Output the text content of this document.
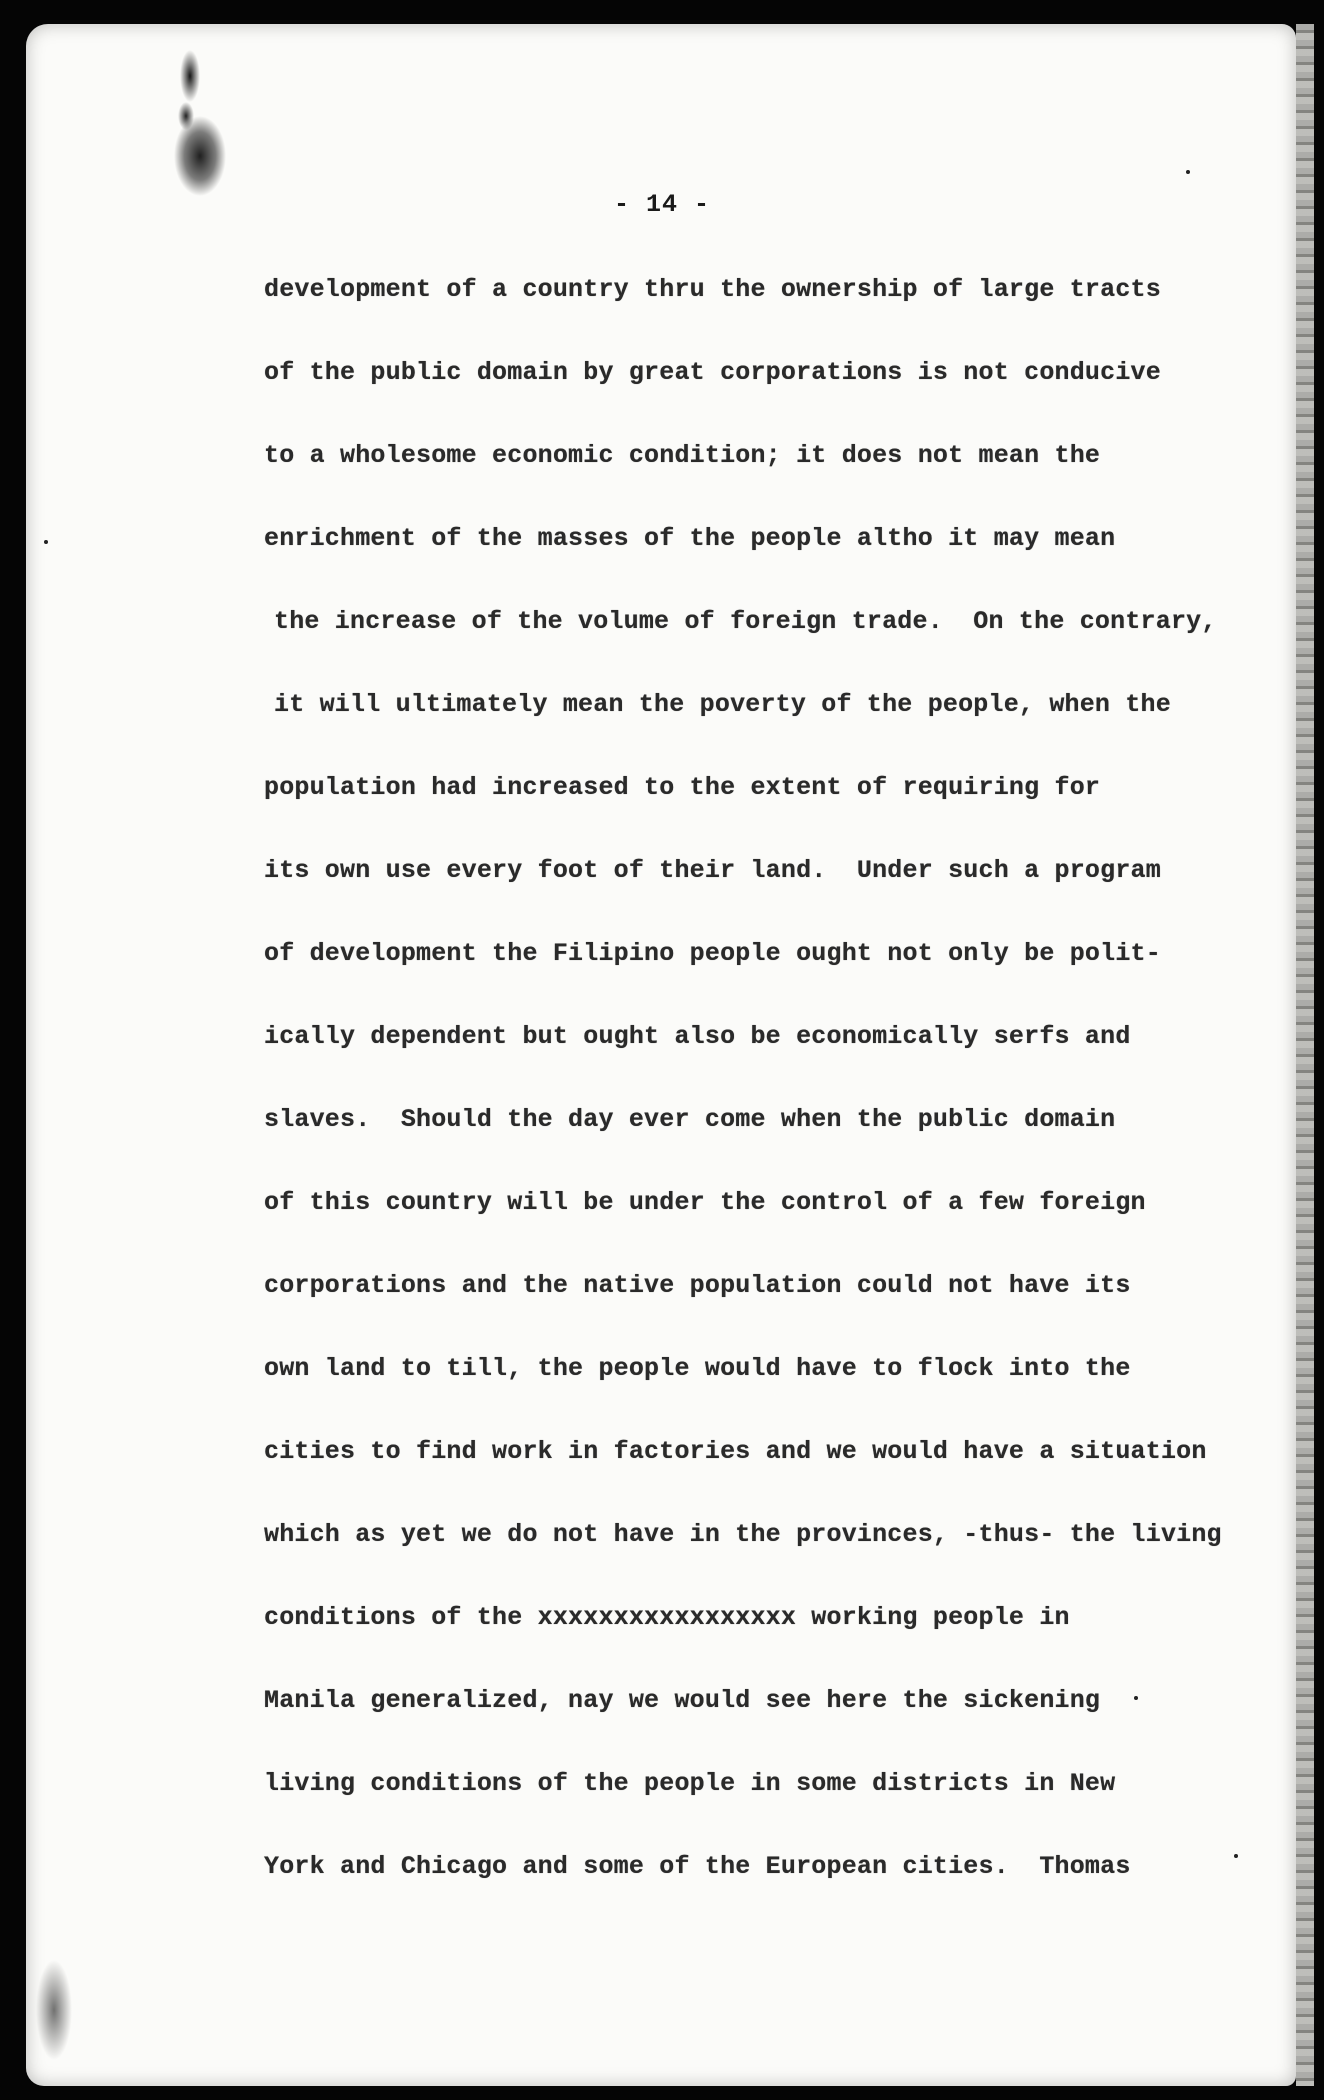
- 14 -
development of a country thru the ownership of large tracts
of the public domain by great corporations is not conducive
to a wholesome economic condition; it does not mean the
enrichment of the masses of the people altho it may mean
the increase of the volume of foreign trade.  On the contrary,
it will ultimately mean the poverty of the people, when the
population had increased to the extent of requiring for
its own use every foot of their land.  Under such a program
of development the Filipino people ought not only be polit-
ically dependent but ought also be economically serfs and
slaves.  Should the day ever come when the public domain
of this country will be under the control of a few foreign
corporations and the native population could not have its
own land to till, the people would have to flock into the
cities to find work in factories and we would have a situation
which as yet we do not have in the provinces, -thus- the living
conditions of the xxxxxxxxxxxxxxxxx working people in
Manila generalized, nay we would see here the sickening
living conditions of the people in some districts in New
York and Chicago and some of the European cities.  Thomas
